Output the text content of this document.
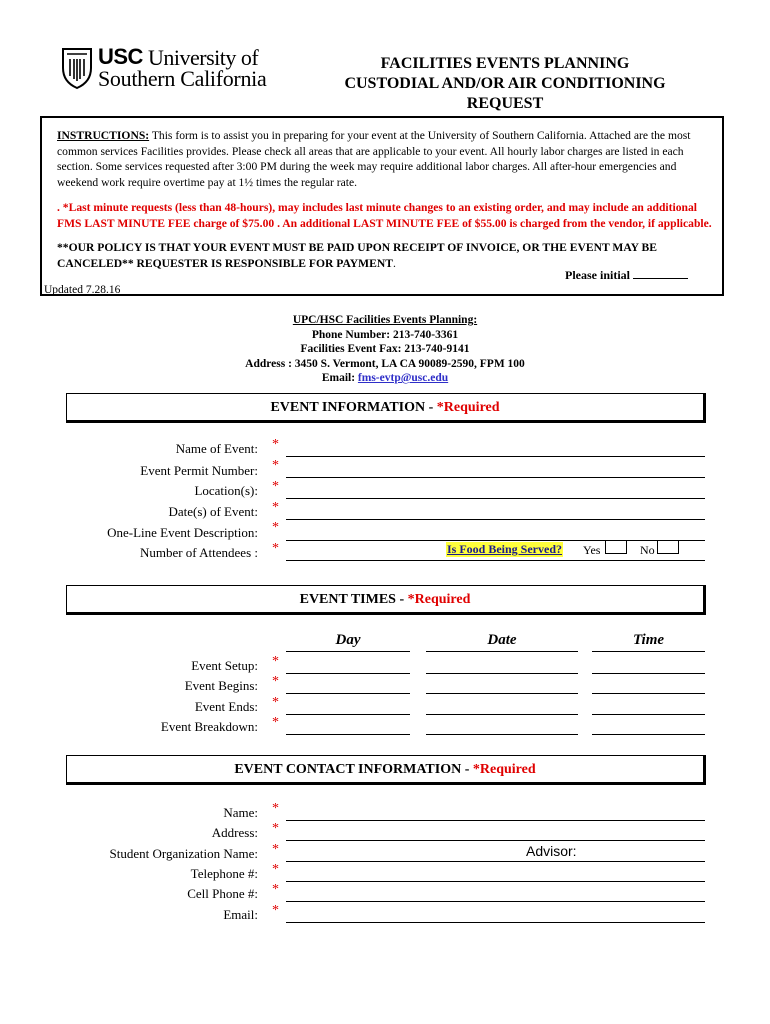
USC University of
Southern California
FACILITIES EVENTS PLANNING
CUSTODIAL AND/OR AIR CONDITIONING
REQUEST

INSTRUCTIONS: This form is to assist you in preparing for your event at the University of Southern California. Attached are the most common services Facilities provides. Please check all areas that are applicable to your event. All hourly labor charges are listed in each section. Some services requested after 3:00 PM during the week may require additional labor charges. All after-hour emergencies and weekend work require overtime pay at 1½ times the regular rate.

. *Last minute requests (less than 48-hours), may includes last minute changes to an existing order, and may include an additional FMS LAST MINUTE FEE charge of $75.00 . An additional LAST MINUTE FEE of $55.00 is charged from the vendor, if applicable.

**OUR POLICY IS THAT YOUR EVENT MUST BE PAID UPON RECEIPT OF INVOICE, OR THE EVENT MAY BE CANCELED** REQUESTER IS RESPONSIBLE FOR PAYMENT.

Please initial
Updated 7.28.16
UPC/HSC Facilities Events Planning:
Phone Number: 213-740-3361
Facilities Event Fax: 213-740-9141
Address : 3450 S. Vermont, LA CA 90089-2590, FPM 100
Email: fms-evtp@usc.edu
EVENT INFORMATION - *Required
Name of Event: *
Event Permit Number: *
Location(s): *
Date(s) of Event: *
One-Line Event Description: *
Number of Attendees : *	Is Food Being Served? Yes	No
EVENT TIMES - *Required
Day	Date	Time
Event Setup: *
Event Begins: *
Event Ends: *
Event Breakdown: *
EVENT CONTACT INFORMATION - *Required
Name: *
Address: *
Student Organization Name: *	Advisor:
Telephone #: *
Cell Phone #: *
Email: *
